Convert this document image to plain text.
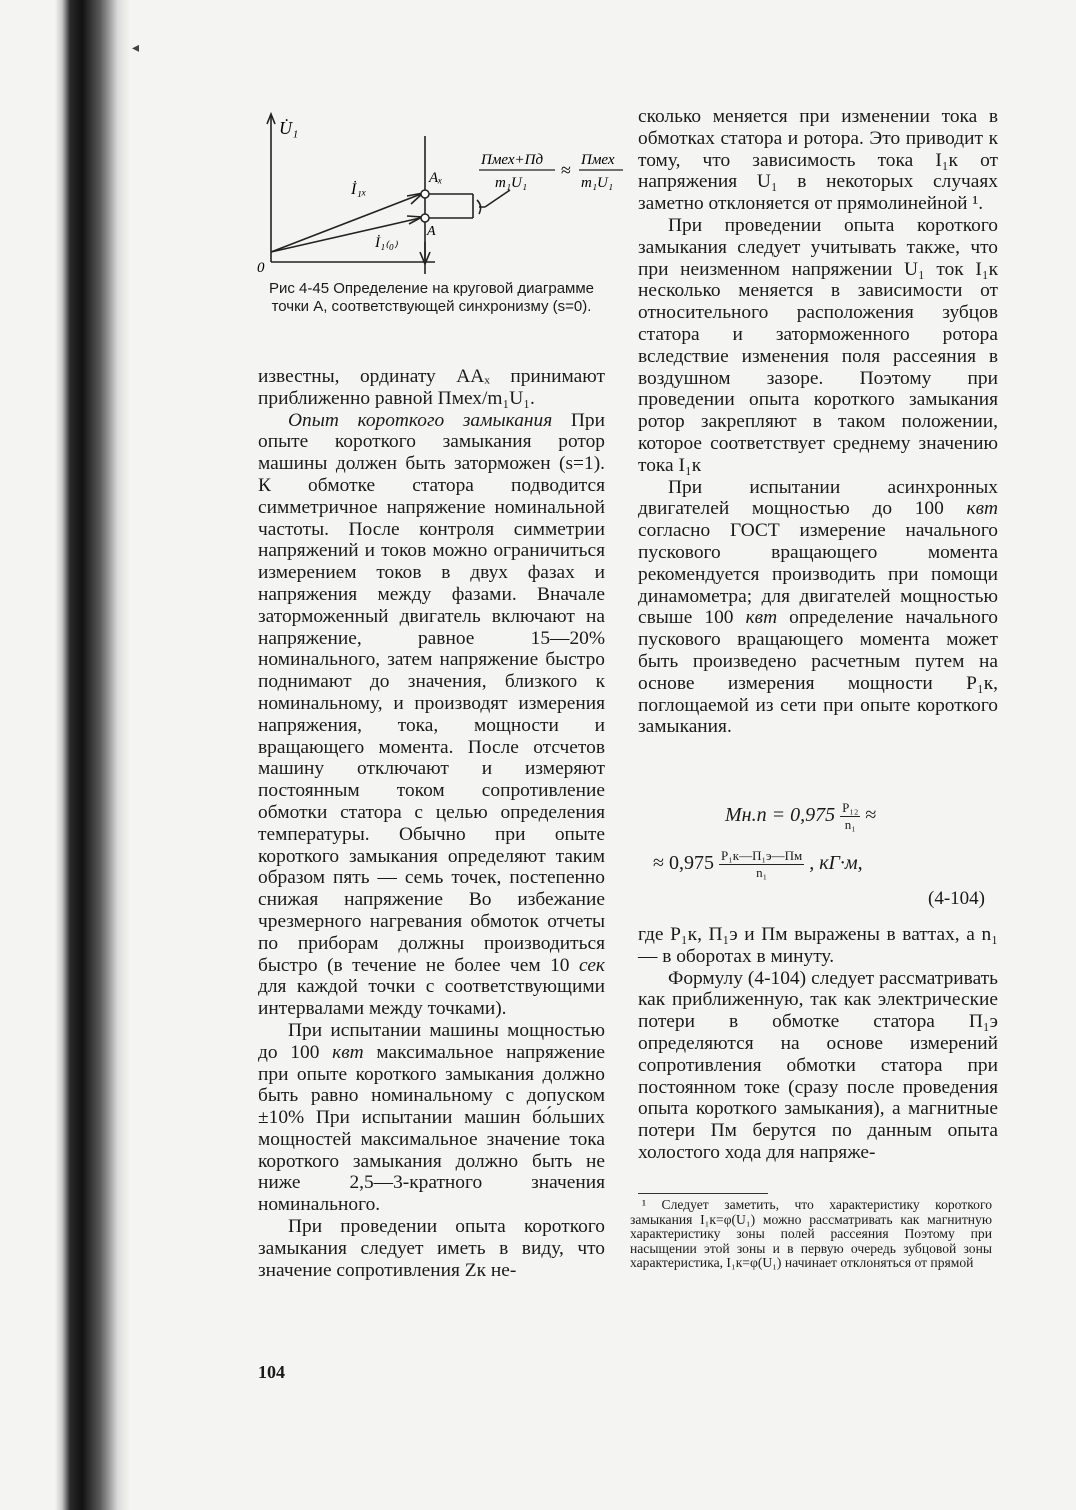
◂
U̇₁
0
İ₁ₓ
İ₁₍₀₎
Aₓ
A
Пмех+Пд
m₁U₁
≈ Пмех
m₁U₁
Рис 4-45 Определение на круговой диаграмме точки A, соответствующей синхронизму (s=0).

известны, ординату AAₓ принимают приближенно равной Пмех/m₁U₁.

Опыт короткого замыкания При опыте короткого замыкания ротор машины должен быть заторможен (s=1). К обмотке статора подводится симметричное напряжение номинальной частоты. После контроля симметрии напряжений и токов можно ограничиться измерением токов в двух фазах и напряжения между фазами. Вначале заторможенный двигатель включают на напряжение, равное 15—20% номинального, затем напряжение быстро поднимают до значения, близкого к номинальному, и производят измерения напряжения, тока, мощности и вращающего момента. После отсчетов машину отключают и измеряют постоянным током сопротивление обмотки статора с целью определения температуры. Обычно при опыте короткого замыкания определяют таким образом пять — семь точек, постепенно снижая напряжение Во избежание чрезмерного нагревания обмоток отчеты по приборам должны производиться быстро (в течение не более чем 10 сек для каждой точки с соответствующими интервалами между точками).

При испытании машины мощностью до 100 квт максимальное напряжение при опыте короткого замыкания должно быть равно номинальному с допуском ±10% При испытании машин бо́льших мощностей максимальное значение тока короткого замыкания должно быть не ниже 2,5—3-кратного значения номинального.

При проведении опыта короткого замыкания следует иметь в виду, что значение сопротивления Zк не-

сколько меняется при изменении тока в обмотках статора и ротора. Это приводит к тому, что зависимость тока I₁к от напряжения U₁ в некоторых случаях заметно отклоняется от прямолинейной ¹.

При проведении опыта короткого замыкания следует учитывать также, что при неизменном напряжении U₁ ток I₁к несколько меняется в зависимости от относительного расположения зубцов статора и заторможенного ротора вследствие изменения поля рассеяния в воздушном зазоре. Поэтому при проведении опыта короткого замыкания ротор закрепляют в таком положении, которое соответствует среднему значению тока I₁к

При испытании асинхронных двигателей мощностью до 100 квт согласно ГОСТ измерение начального пускового вращающего момента рекомендуется производить при помощи динамометра; для двигателей мощностью свыше 100 квт определение начального пускового вращающего момента может быть произведено расчетным путем на основе измерения мощности P₁к, поглощаемой из сети при опыте короткого замыкания.

$Mн.п = 0,975 \frac{\text{P₁₂}}{\text{n₁}}$ ≈
≈ $0,975 \frac{\text{P₁к—П₁э—Пм}}{\text{n₁}}$ , кГ·м,
(4-104)

где P₁к, П₁э и Пм выражены в ваттах, а n₁ — в оборотах в минуту.

Формулу (4-104) следует рассматривать как приближенную, так как электрические потери в обмотке статора П₁э определяются на основе измерений сопротивления обмотки статора при постоянном токе (сразу после проведения опыта короткого замыкания), а магнитные потери Пм берутся по данным опыта холостого хода для напряже-

¹ Следует заметить, что характеристику короткого замыкания I₁к=φ(U₁) можно рассматривать как магнитную характеристику зоны полей рассеяния Поэтому при насыщении этой зоны и в первую очередь зубцовой зоны характеристика, I₁к=φ(U₁) начинает отклоняться от прямой

104
